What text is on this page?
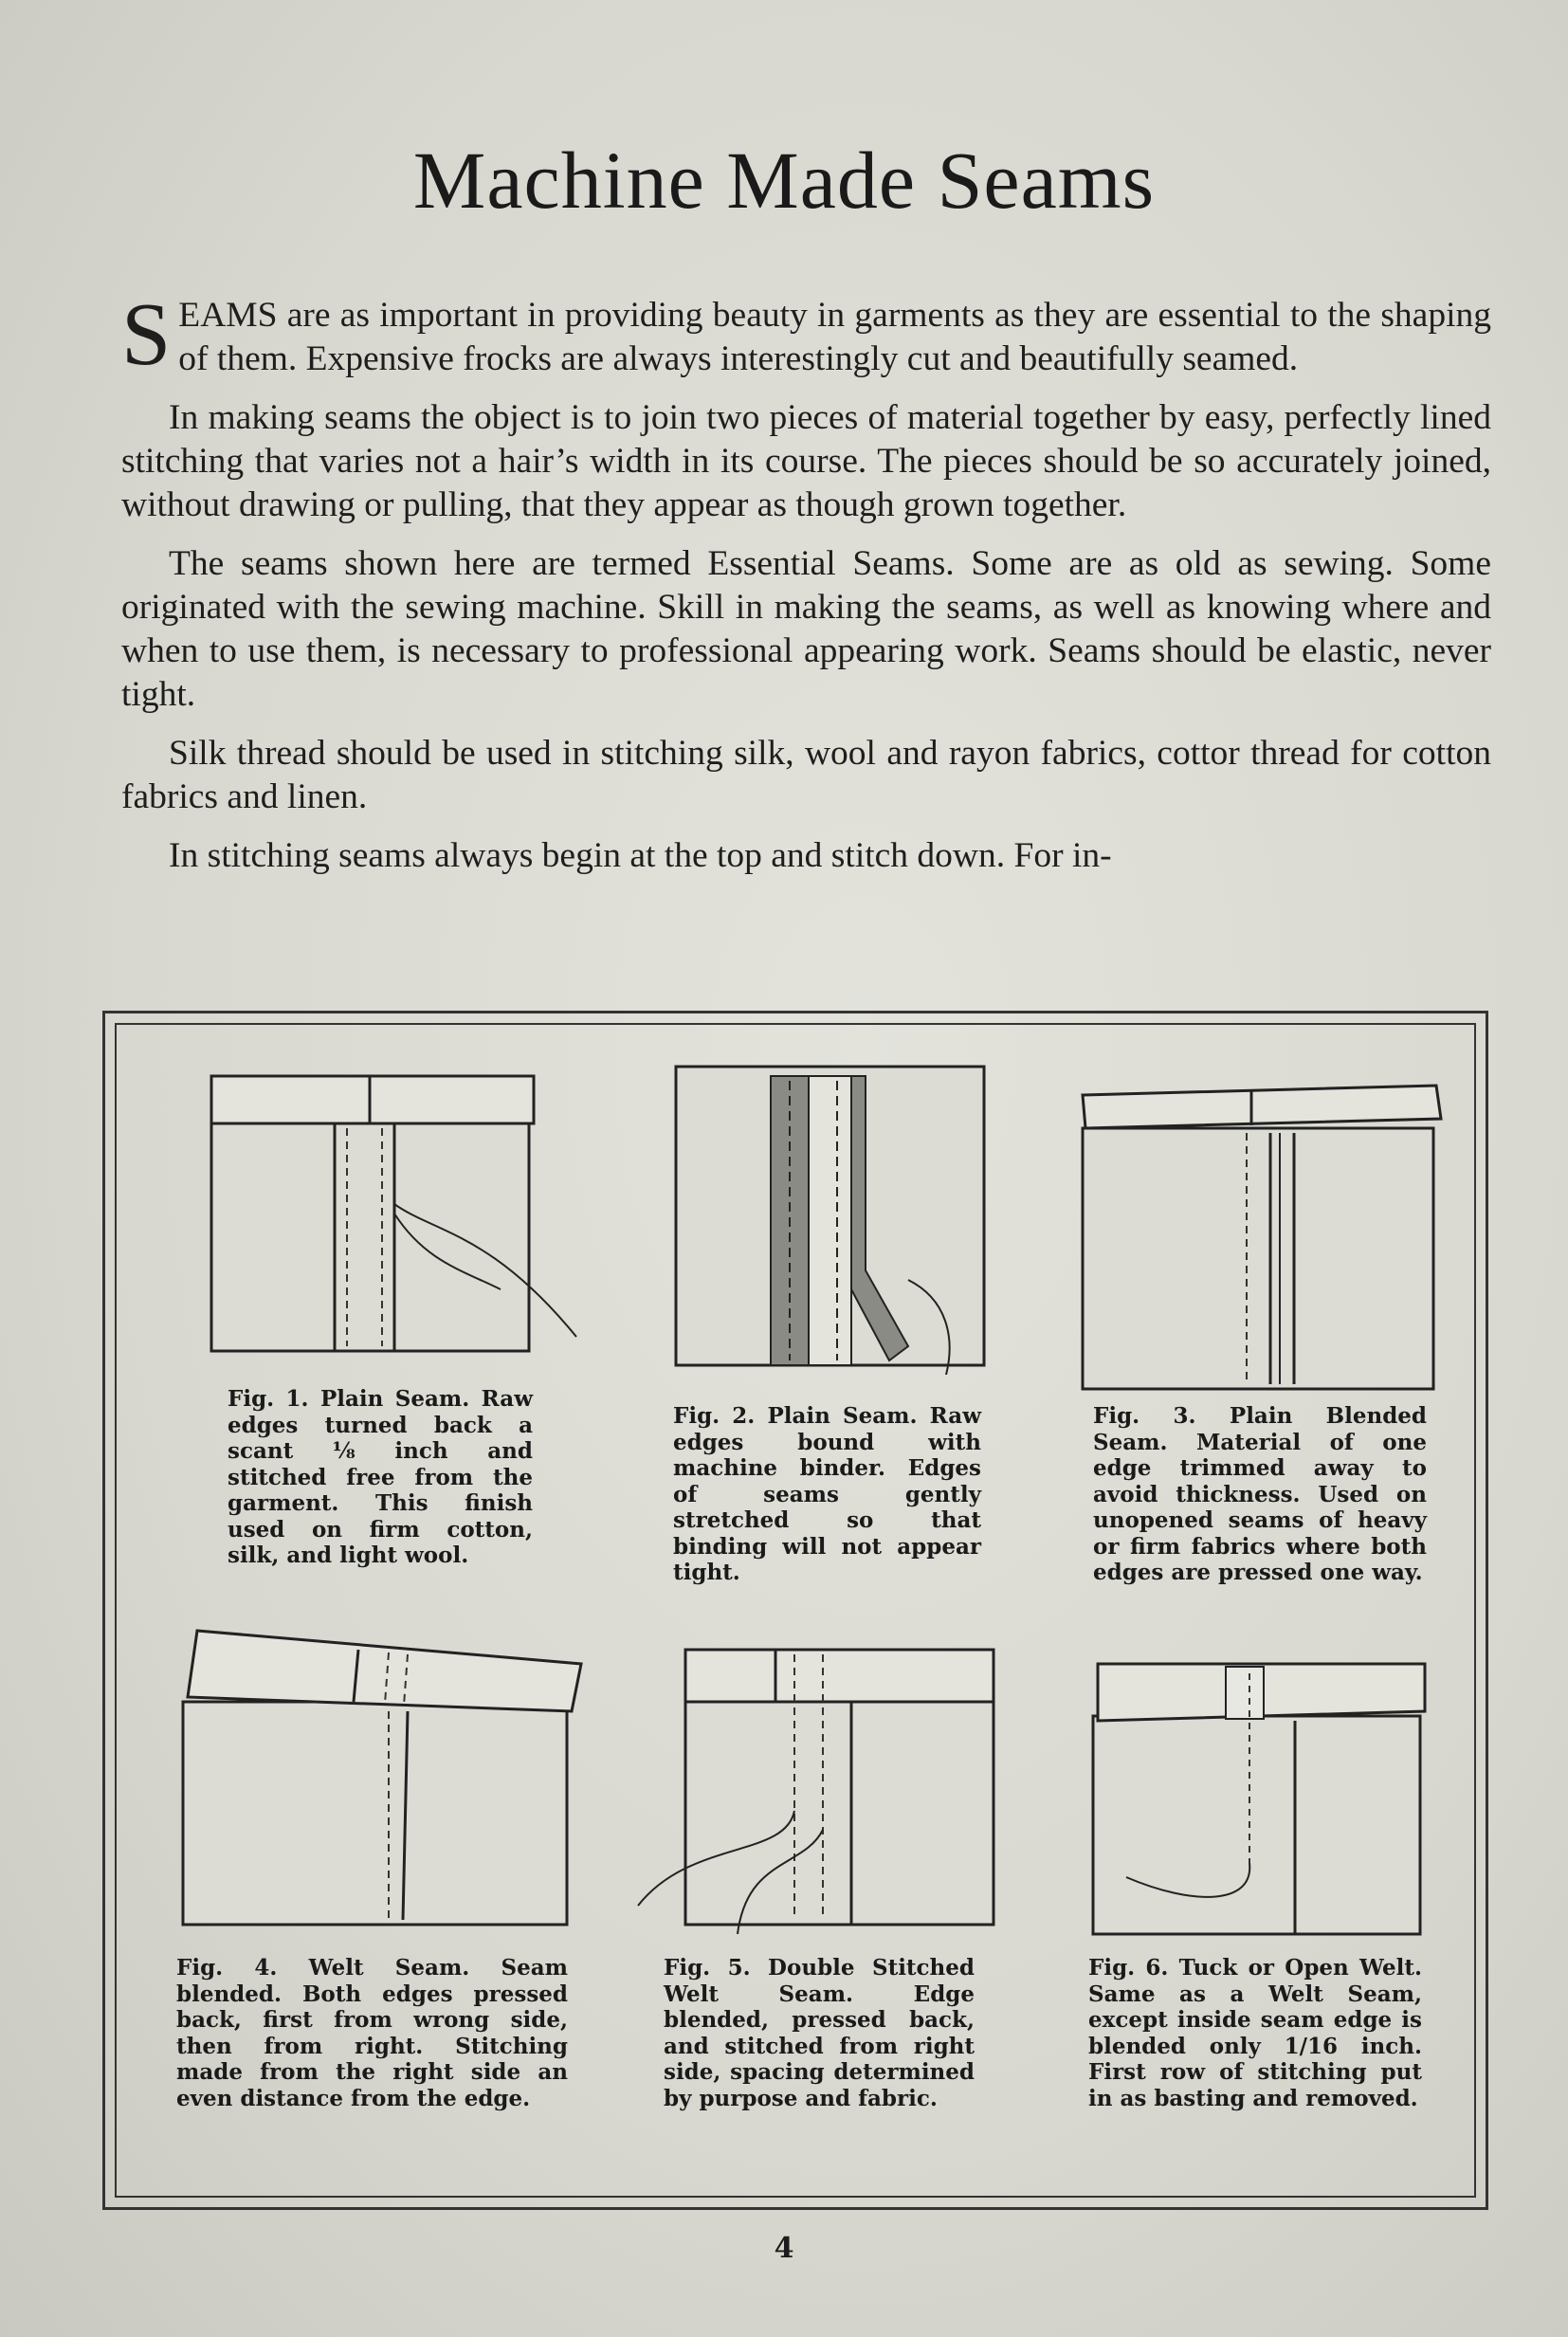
Machine Made Seams

SEAMS are as important in providing beauty in garments as they are essential to the shaping of them. Expensive frocks are always interestingly cut and beautifully seamed.

In making seams the object is to join two pieces of material together by easy, perfectly lined stitching that varies not a hair’s width in its course. The pieces should be so accurately joined, without drawing or pulling, that they appear as though grown together.

The seams shown here are termed Essential Seams. Some are as old as sewing. Some originated with the sewing machine. Skill in making the seams, as well as knowing where and when to use them, is necessary to professional appearing work. Seams should be elastic, never tight.

Silk thread should be used in stitching silk, wool and rayon fabrics, cottor thread for cotton fabrics and linen.

In stitching seams always begin at the top and stitch down. For in-

Fig. 1. Plain Seam. Raw edges turned back a scant ⅛ inch and stitched free from the garment. This finish used on firm cotton, silk, and light wool.
Fig. 2. Plain Seam. Raw edges bound with machine binder. Edges of seams gently stretched so that binding will not appear tight.
Fig. 3. Plain Blended Seam. Material of one edge trimmed away to avoid thickness. Used on unopened seams of heavy or firm fabrics where both edges are pressed one way.
Fig. 4. Welt Seam. Seam blended. Both edges pressed back, first from wrong side, then from right. Stitching made from the right side an even distance from the edge.
Fig. 5. Double Stitched Welt Seam. Edge blended, pressed back, and stitched from right side, spacing determined by purpose and fabric.
Fig. 6. Tuck or Open Welt. Same as a Welt Seam, except inside seam edge is blended only 1/16 inch. First row of stitching put in as basting and removed.
4
